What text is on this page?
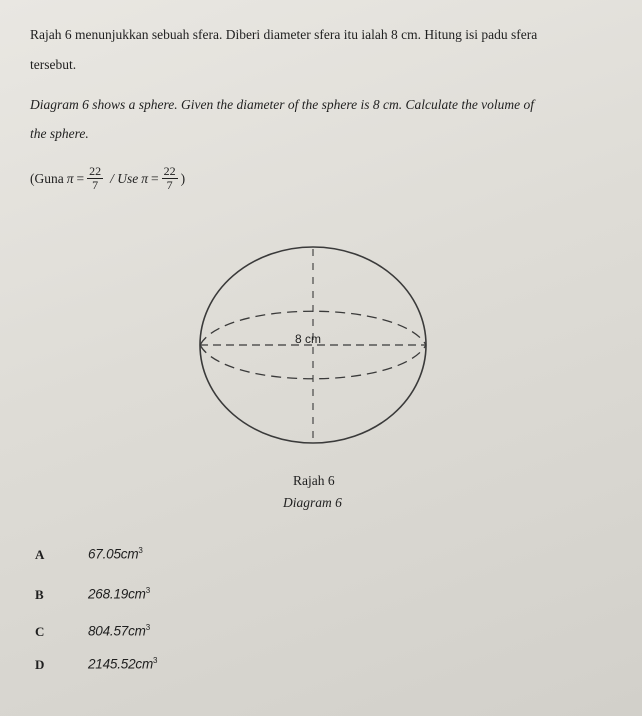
Rajah 6 menunjukkan sebuah sfera. Diberi diameter sfera itu ialah 8 cm. Hitung isi padu sfera
tersebut.
Diagram 6 shows a sphere. Given the diameter of the sphere is 8 cm. Calculate the volume of
the sphere.
(Guna $\pi = \frac{22}{7}$ / Use $\pi = \frac{22}{7}$ )
8 cm
Rajah 6
Diagram 6
A	$67.05cm^3$
B	$268.19cm^3$
C	$804.57cm^3$
D	$2145.52cm^3$
